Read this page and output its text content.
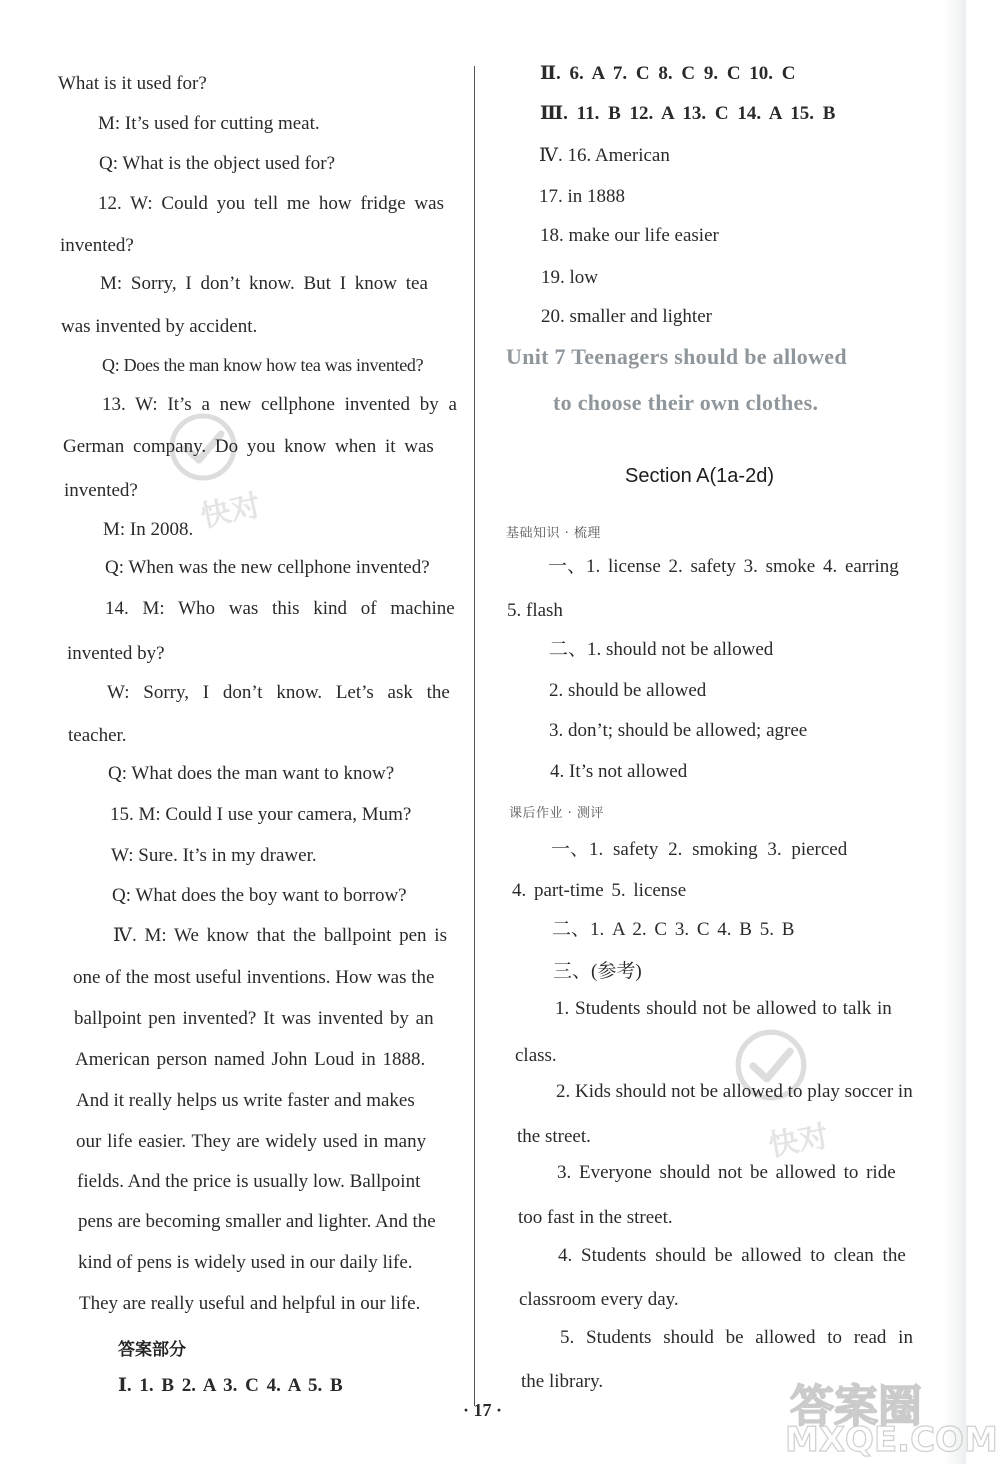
What is it used for?
M: It’s used for cutting meat.
Q: What is the object used for?
12. W: Could you tell me how fridge was
invented?
M: Sorry, I don’t know. But I know tea
was invented by accident.
Q: Does the man know how tea was invented?
13. W: It’s a new cellphone invented by a
German company. Do you know when it was
invented?
M: In 2008.
Q: When was the new cellphone invented?
14. M: Who was this kind of machine
invented by?
W: Sorry, I don’t know. Let’s ask the
teacher.
Q: What does the man want to know?
15. M: Could I use your camera, Mum?
W: Sure. It’s in my drawer.
Q: What does the boy want to borrow?
Ⅳ. M: We know that the ballpoint pen is
one of the most useful inventions. How was the
ballpoint pen invented? It was invented by an
American person named John Loud in 1888.
And it really helps us write faster and makes
our life easier. They are widely used in many
fields. And the price is usually low. Ballpoint
pens are becoming smaller and lighter. And the
kind of pens is widely used in our daily life.
They are really useful and helpful in our life.
答案部分
Ⅰ. 1. B 2. A 3. C 4. A 5. B
Ⅱ. 6. A 7. C 8. C 9. C 10. C
Ⅲ. 11. B 12. A 13. C 14. A 15. B
Ⅳ. 16. American
17. in 1888
18. make our life easier
19. low
20. smaller and lighter
Unit 7 Teenagers should be allowed
to choose their own clothes.
Section A(1a-2d)
基础知识 · 梳理
一、1. license 2. safety 3. smoke 4. earring
5. flash
二、1. should not be allowed
2. should be allowed
3. don’t; should be allowed; agree
4. It’s not allowed
课后作业 · 测评
一、1. safety 2. smoking 3. pierced
4. part-time 5. license
二、1. A 2. C 3. C 4. B 5. B
三、(参考)
1. Students should not be allowed to talk in
class.
2. Kids should not be allowed to play soccer in
the street.
3. Everyone should not be allowed to ride
too fast in the street.
4. Students should be allowed to clean the
classroom every day.
5. Students should be allowed to read in
the library.
· 17 ·
快对
快对
答案圈
MXQE.COM
